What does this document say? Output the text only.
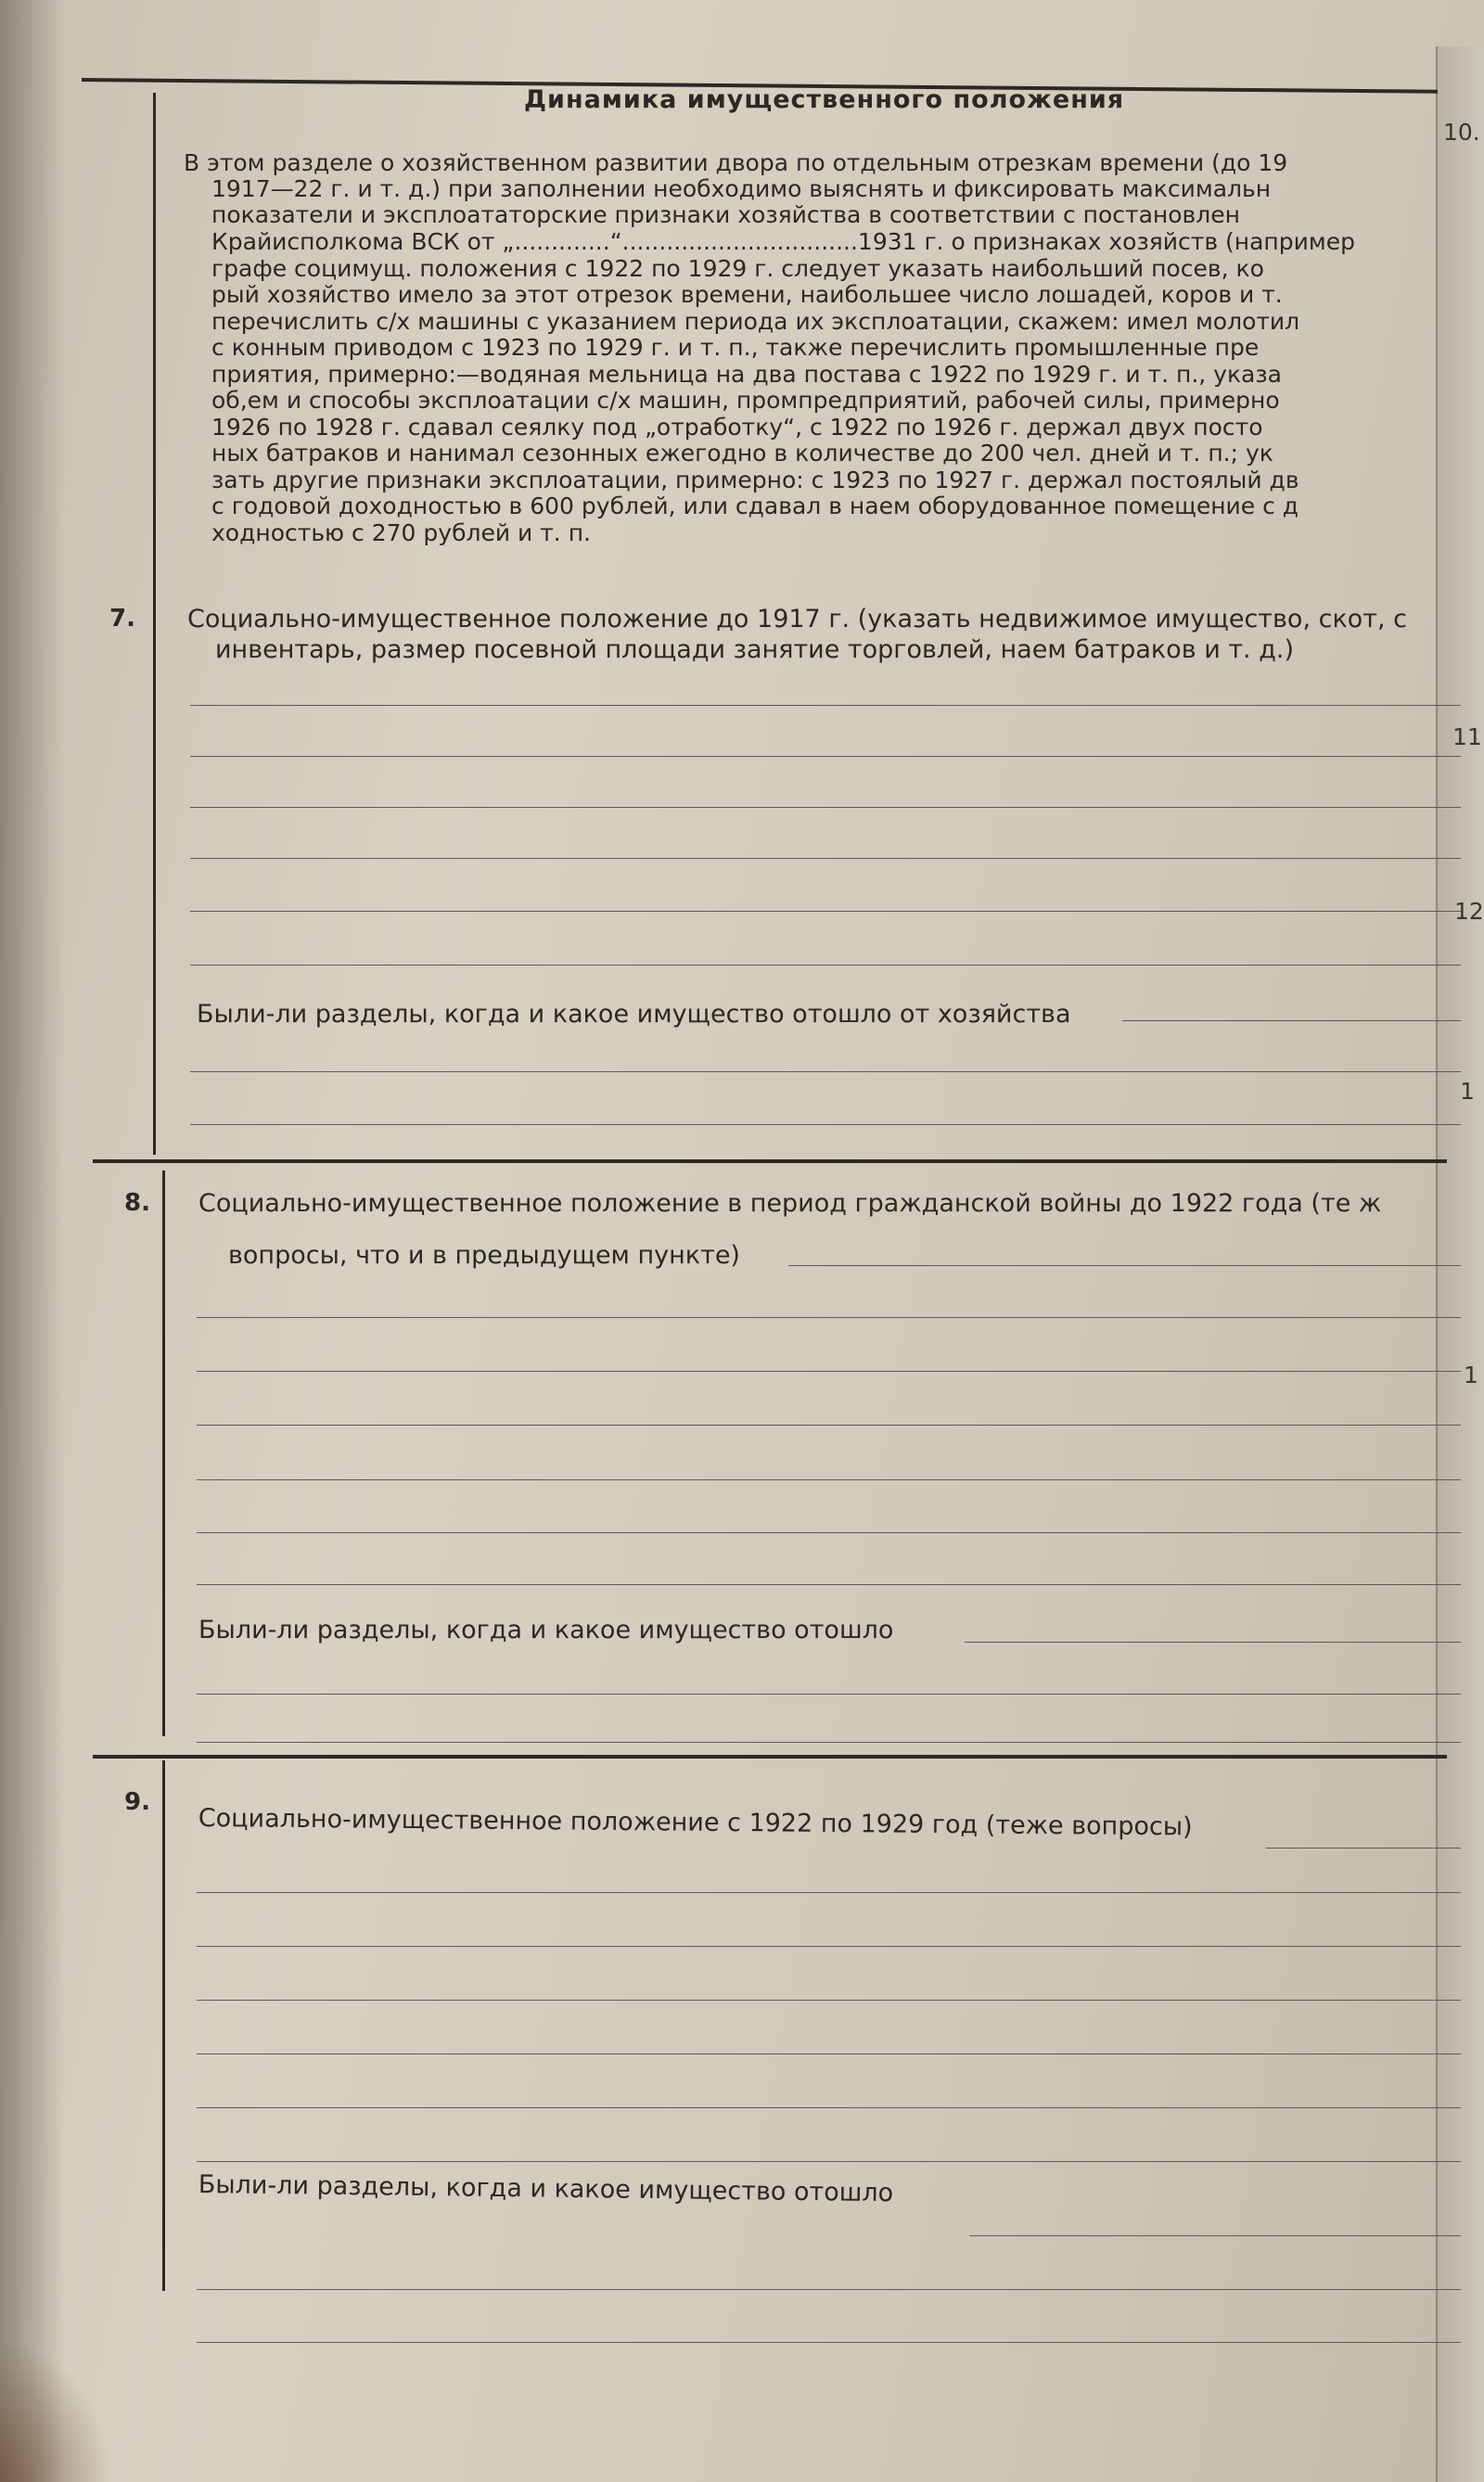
Динамика имущественного положения
В этом разделе о хозяйственном развитии двора по отдельным отрезкам времени (до 19
1917—22 г. и т. д.) при заполнении необходимо выяснять и фиксировать максимальн
показатели и эксплоататорские признаки хозяйства в соответствии с постановлен
Крайисполкома ВСК от „.............“................................1931 г. о признаках хозяйств (например
графе социмущ. положения с 1922 по 1929 г. следует указать наибольший посев, ко
рый хозяйство имело за этот отрезок времени, наибольшее число лошадей, коров и т.
перечислить с/х машины с указанием периода их эксплоатации, скажем: имел молотил
с конным приводом с 1923 по 1929 г. и т. п., также перечислить промышленные пре
приятия, примерно:—водяная мельница на два постава с 1922 по 1929 г. и т. п., указа
об,ем и способы эксплоатации с/х машин, промпредприятий, рабочей силы, примерно
1926 по 1928 г. сдавал сеялку под „отработку“, с 1922 по 1926 г. держал двух посто
ных батраков и нанимал сезонных ежегодно в количестве до 200 чел. дней и т. п.; ук
зать другие признаки эксплоатации, примерно: с 1923 по 1927 г. держал постоялый дв
с годовой доходностью в 600 рублей, или сдавал в наем оборудованное помещение с д
ходностью с 270 рублей и т. п.
7. Социально-имущественное положение до 1917 г. (указать недвижимое имущество, скот, с
инвентарь, размер посевной площади занятие торговлей, наем батраков и т. д.)
Были-ли разделы, когда и какое имущество отошло от хозяйства
8. Социально-имущественное положение в период гражданской войны до 1922 года (те ж
вопросы, что и в предыдущем пункте)
Были-ли разделы, когда и какое имущество отошло
9.
Социально-имущественное положение с 1922 по 1929 год (теже вопросы)
Были-ли разделы, когда и какое имущество отошло
10.
11
12
1
1
